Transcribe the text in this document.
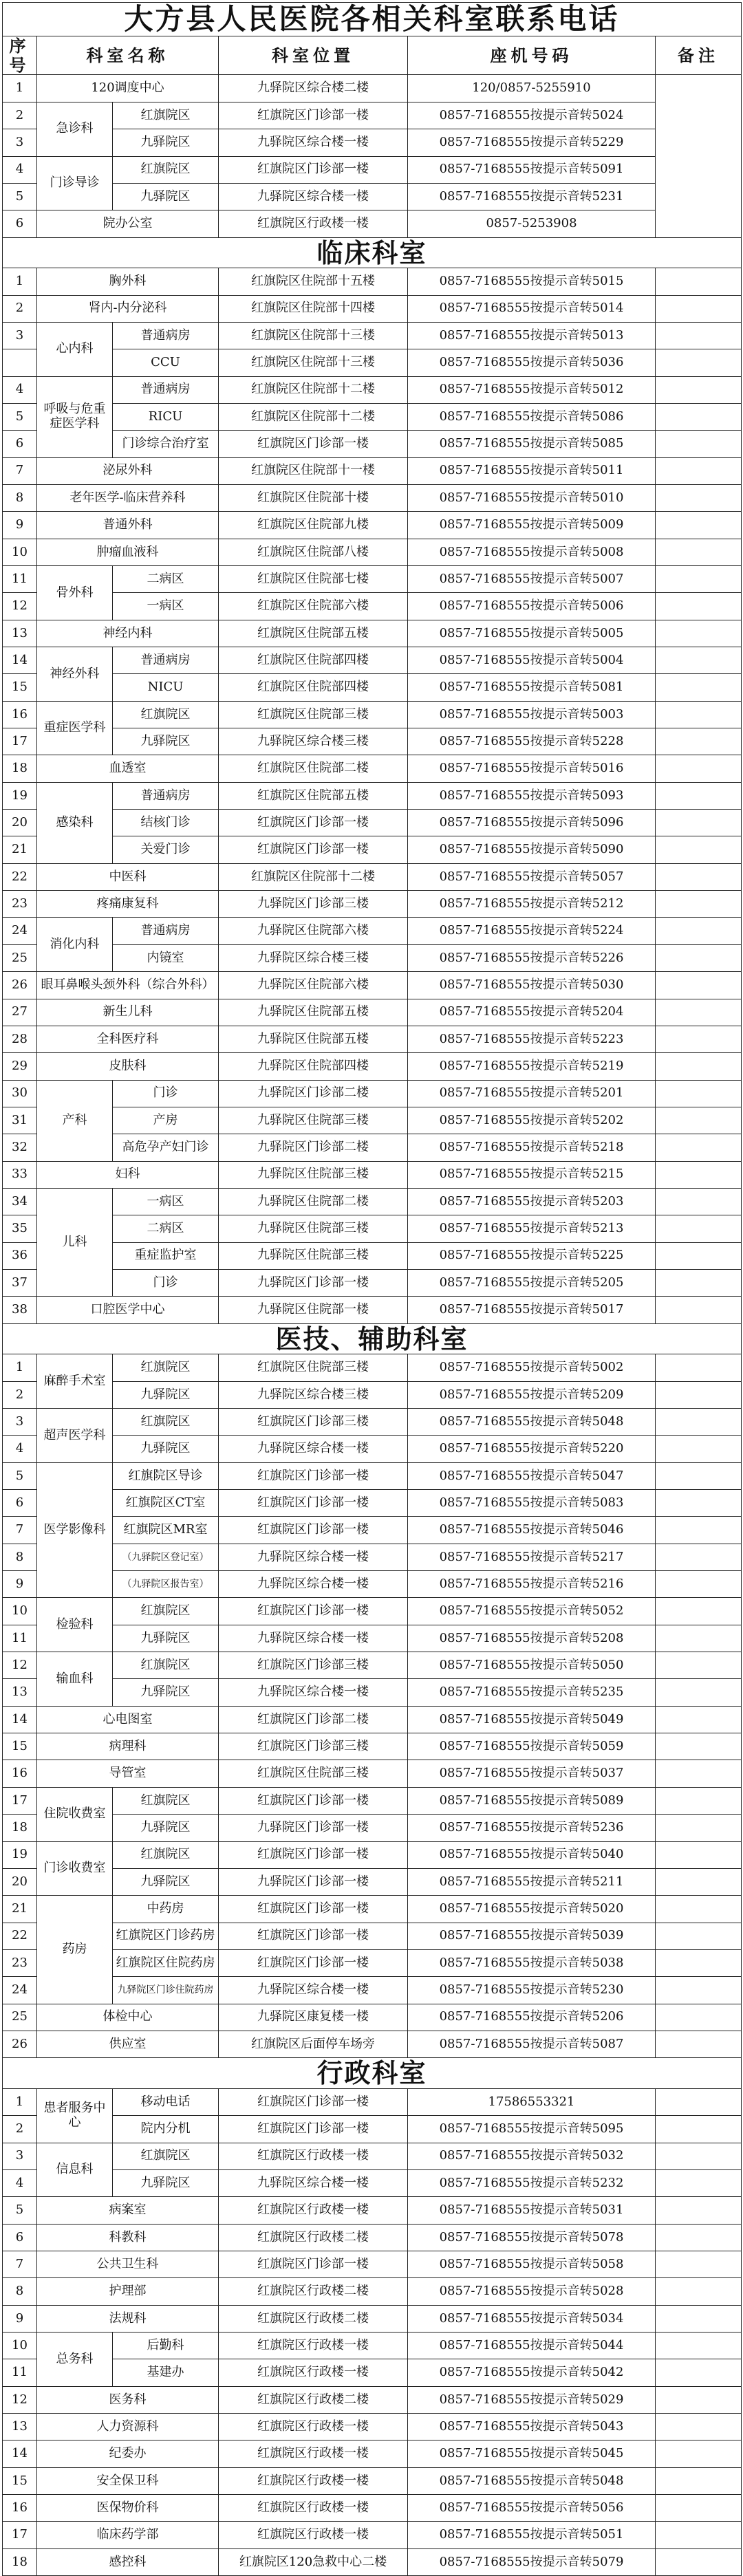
大方县人民医院各相关科室联系电话					
序号	科室名称		科室位置	座机号码	备注
1	120调度中心		九驿院区综合楼二楼	120/0857-5255910	
2	急诊科	红旗院区	红旗院区门诊部一楼	0857-7168555按提示音转5024	
3		九驿院区	九驿院区综合楼一楼	0857-7168555按提示音转5229	
4	门诊导诊	红旗院区	红旗院区门诊部一楼	0857-7168555按提示音转5091	
5		九驿院区	九驿院区综合楼一楼	0857-7168555按提示音转5231	
6	院办公室		红旗院区行政楼一楼	0857-5253908	
临床科室					
1	胸外科		红旗院区住院部十五楼	0857-7168555按提示音转5015	
2	肾内-内分泌科		红旗院区住院部十四楼	0857-7168555按提示音转5014	
3	心内科	普通病房	红旗院区住院部十三楼	0857-7168555按提示音转5013	
		CCU	红旗院区住院部十三楼	0857-7168555按提示音转5036	
4	呼吸与危重症医学科	普通病房	红旗院区住院部十二楼	0857-7168555按提示音转5012	
5		RICU	红旗院区住院部十二楼	0857-7168555按提示音转5086	
6		门诊综合治疗室	红旗院区门诊部一楼	0857-7168555按提示音转5085	
7	泌尿外科		红旗院区住院部十一楼	0857-7168555按提示音转5011	
8	老年医学-临床营养科		红旗院区住院部十楼	0857-7168555按提示音转5010	
9	普通外科		红旗院区住院部九楼	0857-7168555按提示音转5009	
10	肿瘤血液科		红旗院区住院部八楼	0857-7168555按提示音转5008	
11	骨外科	二病区	红旗院区住院部七楼	0857-7168555按提示音转5007	
12		一病区	红旗院区住院部六楼	0857-7168555按提示音转5006	
13	神经内科		红旗院区住院部五楼	0857-7168555按提示音转5005	
14	神经外科	普通病房	红旗院区住院部四楼	0857-7168555按提示音转5004	
15		NICU	红旗院区住院部四楼	0857-7168555按提示音转5081	
16	重症医学科	红旗院区	红旗院区住院部三楼	0857-7168555按提示音转5003	
17		九驿院区	九驿院区综合楼三楼	0857-7168555按提示音转5228	
18	血透室		红旗院区住院部二楼	0857-7168555按提示音转5016	
19	感染科	普通病房	红旗院区住院部五楼	0857-7168555按提示音转5093	
20		结核门诊	红旗院区门诊部一楼	0857-7168555按提示音转5096	
21		关爱门诊	红旗院区门诊部一楼	0857-7168555按提示音转5090	
22	中医科		红旗院区住院部十二楼	0857-7168555按提示音转5057	
23	疼痛康复科		九驿院区门诊部三楼	0857-7168555按提示音转5212	
24	消化内科	普通病房	九驿院区住院部六楼	0857-7168555按提示音转5224	
25		内镜室	九驿院区综合楼三楼	0857-7168555按提示音转5226	
26	眼耳鼻喉头颈外科（综合外科）		九驿院区住院部六楼	0857-7168555按提示音转5030	
27	新生儿科		九驿院区住院部五楼	0857-7168555按提示音转5204	
28	全科医疗科		九驿院区住院部五楼	0857-7168555按提示音转5223	
29	皮肤科		九驿院区住院部四楼	0857-7168555按提示音转5219	
30	产科	门诊	九驿院区门诊部二楼	0857-7168555按提示音转5201	
31		产房	九驿院区住院部三楼	0857-7168555按提示音转5202	
32		高危孕产妇门诊	九驿院区门诊部二楼	0857-7168555按提示音转5218	
33	妇科		九驿院区住院部三楼	0857-7168555按提示音转5215	
34	儿科	一病区	九驿院区住院部二楼	0857-7168555按提示音转5203	
35		二病区	九驿院区住院部三楼	0857-7168555按提示音转5213	
36		重症监护室	九驿院区住院部三楼	0857-7168555按提示音转5225	
37		门诊	九驿院区门诊部一楼	0857-7168555按提示音转5205	
38	口腔医学中心		九驿院区住院部一楼	0857-7168555按提示音转5017	
医技、辅助科室					
1	麻醉手术室	红旗院区	红旗院区住院部三楼	0857-7168555按提示音转5002	
2		九驿院区	九驿院区综合楼三楼	0857-7168555按提示音转5209	
3	超声医学科	红旗院区	红旗院区门诊部三楼	0857-7168555按提示音转5048	
4		九驿院区	九驿院区综合楼一楼	0857-7168555按提示音转5220	
5	医学影像科	红旗院区导诊	红旗院区门诊部一楼	0857-7168555按提示音转5047	
6		红旗院区CT室	红旗院区门诊部一楼	0857-7168555按提示音转5083	
7		红旗院区MR室	红旗院区门诊部一楼	0857-7168555按提示音转5046	
8		（九驿院区登记室）	九驿院区综合楼一楼	0857-7168555按提示音转5217	
9		（九驿院区报告室）	九驿院区综合楼一楼	0857-7168555按提示音转5216	
10	检验科	红旗院区	红旗院区门诊部一楼	0857-7168555按提示音转5052	
11		九驿院区	九驿院区综合楼一楼	0857-7168555按提示音转5208	
12	输血科	红旗院区	红旗院区门诊部三楼	0857-7168555按提示音转5050	
13		九驿院区	九驿院区综合楼一楼	0857-7168555按提示音转5235	
14	心电图室		红旗院区门诊部二楼	0857-7168555按提示音转5049	
15	病理科		红旗院区门诊部三楼	0857-7168555按提示音转5059	
16	导管室		红旗院区住院部三楼	0857-7168555按提示音转5037	
17	住院收费室	红旗院区	红旗院区门诊部一楼	0857-7168555按提示音转5089	
18		九驿院区	九驿院区门诊部一楼	0857-7168555按提示音转5236	
19	门诊收费室	红旗院区	红旗院区门诊部一楼	0857-7168555按提示音转5040	
20		九驿院区	九驿院区门诊部一楼	0857-7168555按提示音转5211	
21	药房	中药房	红旗院区门诊部一楼	0857-7168555按提示音转5020	
22		红旗院区门诊药房	红旗院区门诊部一楼	0857-7168555按提示音转5039	
23		红旗院区住院药房	红旗院区门诊部一楼	0857-7168555按提示音转5038	
24		九驿院区门诊住院药房	九驿院区综合楼一楼	0857-7168555按提示音转5230	
25	体检中心		九驿院区康复楼一楼	0857-7168555按提示音转5206	
26	供应室		红旗院区后面停车场旁	0857-7168555按提示音转5087	
行政科室					
1	患者服务中心	移动电话	红旗院区门诊部一楼	17586553321	
2		院内分机	红旗院区门诊部一楼	0857-7168555按提示音转5095	
3	信息科	红旗院区	红旗院区行政楼一楼	0857-7168555按提示音转5032	
4		九驿院区	九驿院区综合楼一楼	0857-7168555按提示音转5232	
5	病案室		红旗院区行政楼一楼	0857-7168555按提示音转5031	
6	科教科		红旗院区行政楼二楼	0857-7168555按提示音转5078	
7	公共卫生科		红旗院区门诊部一楼	0857-7168555按提示音转5058	
8	护理部		红旗院区行政楼二楼	0857-7168555按提示音转5028	
9	法规科		红旗院区行政楼二楼	0857-7168555按提示音转5034	
10	总务科	后勤科	红旗院区行政楼一楼	0857-7168555按提示音转5044	
11		基建办	红旗院区行政楼一楼	0857-7168555按提示音转5042	
12	医务科		红旗院区行政楼二楼	0857-7168555按提示音转5029	
13	人力资源科		红旗院区行政楼一楼	0857-7168555按提示音转5043	
14	纪委办		红旗院区行政楼一楼	0857-7168555按提示音转5045	
15	安全保卫科		红旗院区行政楼一楼	0857-7168555按提示音转5048	
16	医保物价科		红旗院区行政楼一楼	0857-7168555按提示音转5056	
17	临床药学部		红旗院区行政楼一楼	0857-7168555按提示音转5051	
18	感控科		红旗院区120急救中心二楼	0857-7168555按提示音转5079	
